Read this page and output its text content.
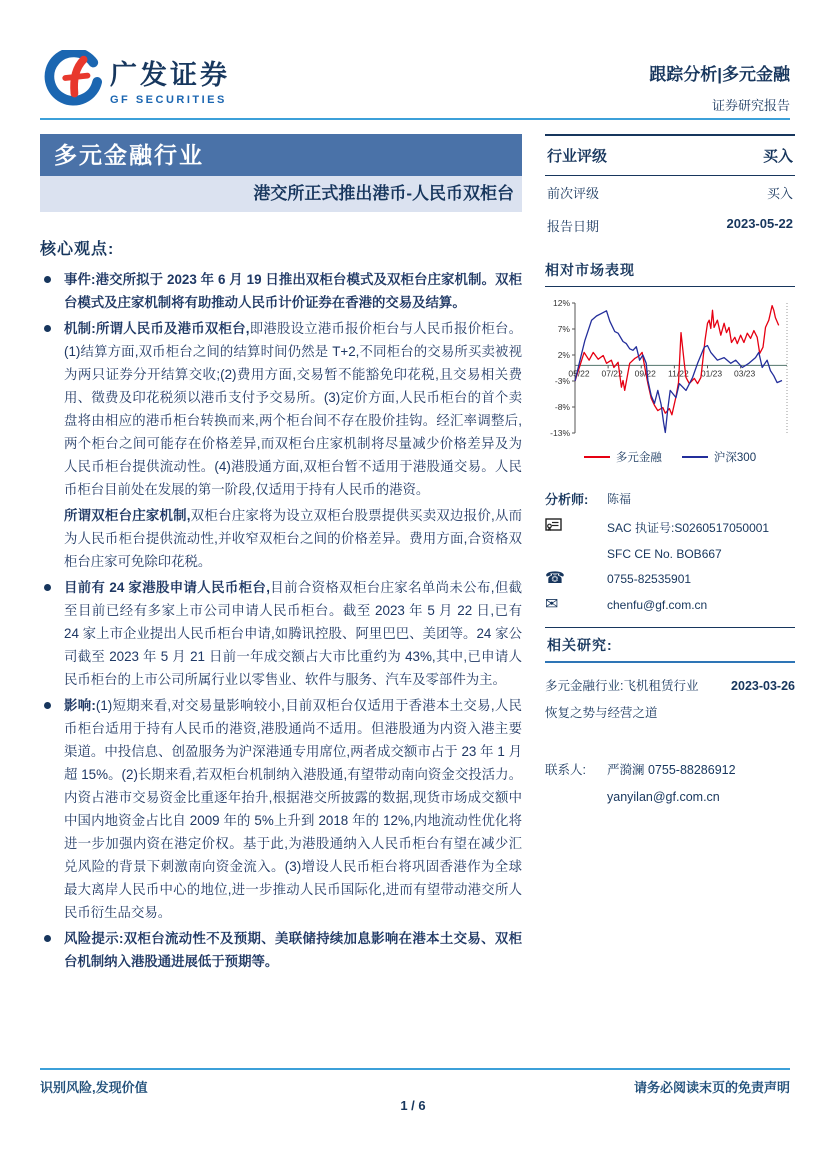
广发证券
GF SECURITIES
跟踪分析|多元金融
证券研究报告
多元金融行业
港交所正式推出港币-人民币双柜台
核心观点:
事件:港交所拟于 2023 年 6 月 19 日推出双柜台模式及双柜台庄家机制。双柜台模式及庄家机制将有助推动人民币计价证券在香港的交易及结算。
机制:所谓人民币及港币双柜台,即港股设立港币报价柜台与人民币报价柜台。(1)结算方面,双币柜台之间的结算时间仍然是 T+2,不同柜台的交易所买卖被视为两只证券分开结算交收;(2)费用方面,交易暂不能豁免印花税,且交易相关费用、徵费及印花税须以港币支付予交易所。(3)定价方面,人民币柜台的首个卖盘将由相应的港币柜台转换而来,两个柜台间不存在股价挂钩。经汇率调整后,两个柜台之间可能存在价格差异,而双柜台庄家机制将尽量减少价格差异及为人民币柜台提供流动性。(4)港股通方面,双柜台暂不适用于港股通交易。人民币柜台目前处在发展的第一阶段,仅适用于持有人民币的港资。
所谓双柜台庄家机制,双柜台庄家将为设立双柜台股票提供买卖双边报价,从而为人民币柜台提供流动性,并收窄双柜台之间的价格差异。费用方面,合资格双柜台庄家可免除印花税。
目前有 24 家港股申请人民币柜台,目前合资格双柜台庄家名单尚未公布,但截至目前已经有多家上市公司申请人民币柜台。截至 2023 年 5 月 22 日,已有 24 家上市企业提出人民币柜台申请,如腾讯控股、阿里巴巴、美团等。24 家公司截至 2023 年 5 月 21 日前一年成交额占大市比重约为 43%,其中,已申请人民币柜台的上市公司所属行业以零售业、软件与服务、汽车及零部件为主。
影响:(1)短期来看,对交易量影响较小,目前双柜台仅适用于香港本土交易,人民币柜台适用于持有人民币的港资,港股通尚不适用。但港股通为内资入港主要渠道。中投信息、创盈服务为沪深港通专用席位,两者成交额市占于 23 年 1 月超 15%。(2)长期来看,若双柜台机制纳入港股通,有望带动南向资金交投活力。内资占港市交易资金比重逐年抬升,根据港交所披露的数据,现货市场成交额中中国内地资金占比自 2009 年的 5%上升到 2018 年的 12%,内地流动性优化将进一步加强内资在港定价权。基于此,为港股通纳入人民币柜台有望在减少汇兑风险的背景下刺激南向资金流入。(3)增设人民币柜台将巩固香港作为全球最大离岸人民币中心的地位,进一步推动人民币国际化,进而有望带动港交所人民币衍生品交易。
风险提示:双柜台流动性不及预期、美联储持续加息影响在港本土交易、双柜台机制纳入港股通进展低于预期等。
行业评级	买入
前次评级	买入
报告日期	2023-05-22
相对市场表现
12%
7%
2%
-3%
-8%
-13%
05/22 07/22 09/22 11/22 01/23 03/23
多元金融	沪深300
分析师:	陈福
SAC 执证号:S0260517050001
SFC CE No. BOB667
☎	0755-82535901
✉	chenfu@gf.com.cn
相关研究:
多元金融行业:飞机租赁行业	2023-03-26
恢复之势与经营之道
联系人:	严漪澜 0755-88286912
yanyilan@gf.com.cn
识别风险,发现价值	请务必阅读末页的免责声明
1 / 6
